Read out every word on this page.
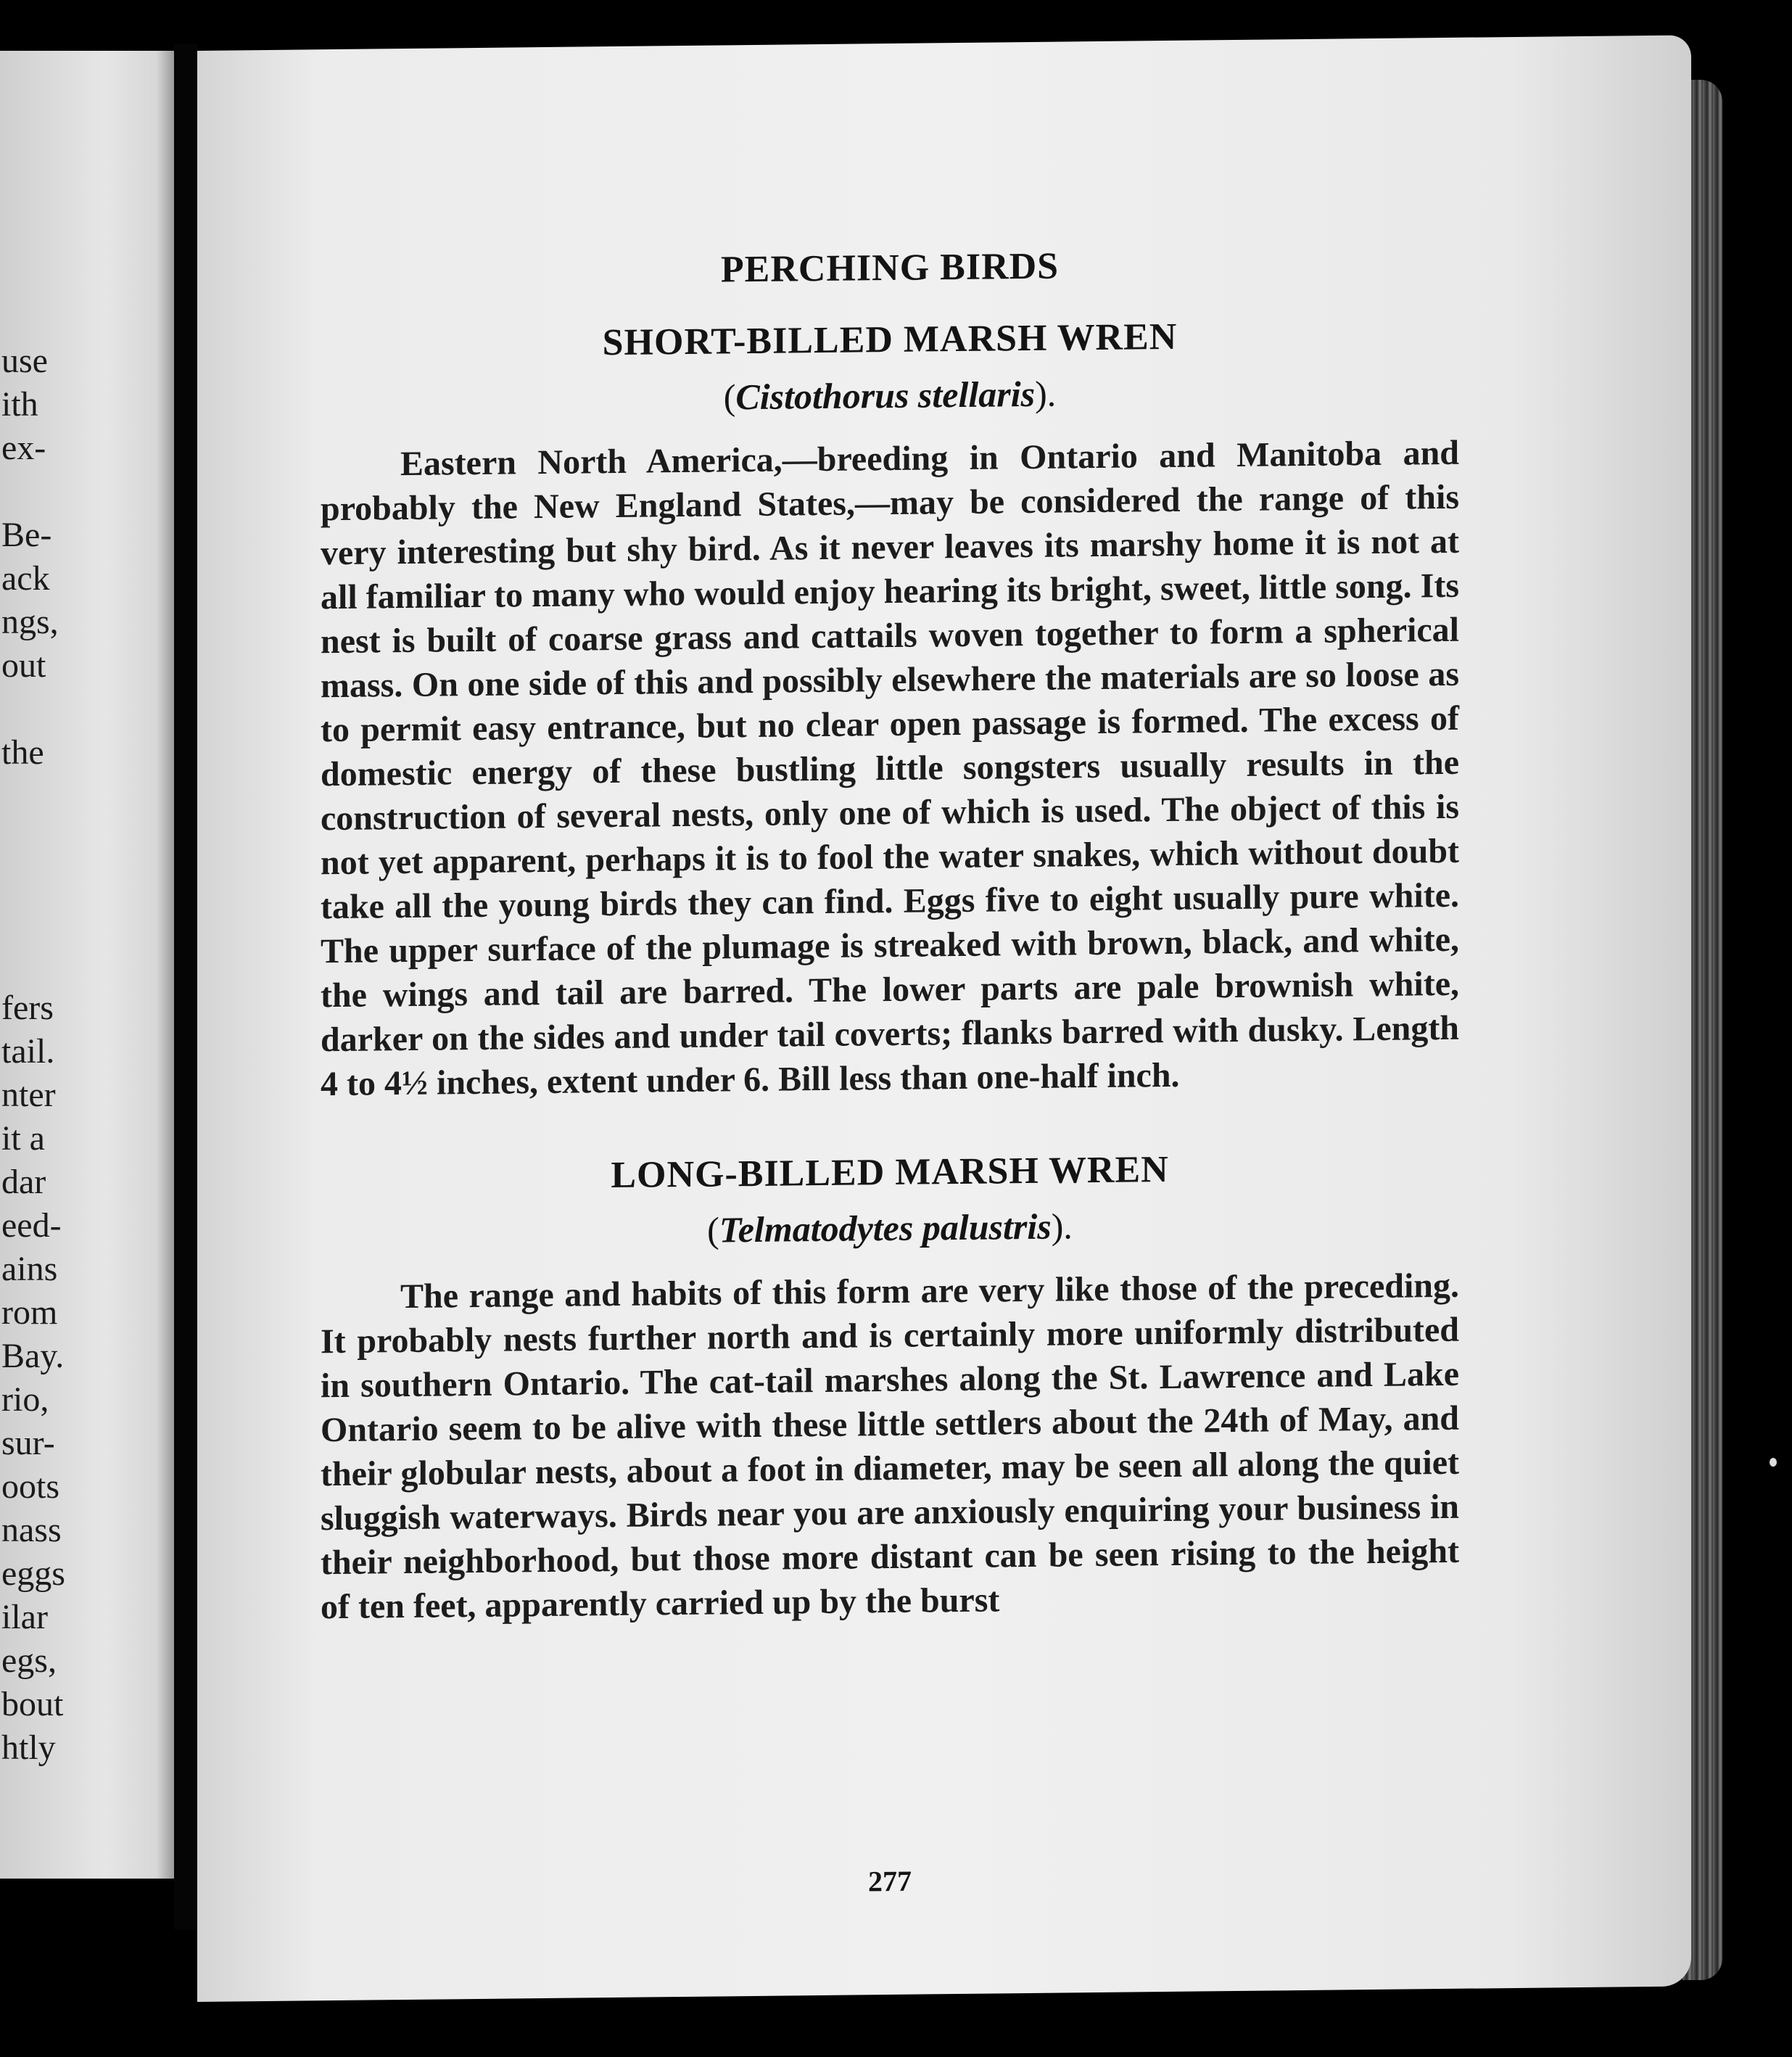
use
ith
ex-
Be-
ack
ngs,
out
the
fers
tail.
nter
it a
dar
eed-
ains
rom
Bay.
rio,
sur-
oots
nass
eggs
ilar
egs,
bout
htly
PERCHING BIRDS
SHORT-BILLED MARSH WREN
(Cistothorus stellaris).

Eastern North America,—breeding in Ontario and Manitoba and probably the New England States,—may be considered the range of this very interesting but shy bird. As it never leaves its marshy home it is not at all familiar to many who would enjoy hearing its bright, sweet, little song. Its nest is built of coarse grass and cattails woven together to form a spherical mass. On one side of this and possibly elsewhere the materials are so loose as to permit easy entrance, but no clear open passage is formed. The excess of domestic energy of these bustling little songsters usually results in the construction of several nests, only one of which is used. The object of this is not yet apparent, perhaps it is to fool the water snakes, which without doubt take all the young birds they can find. Eggs five to eight usually pure white. The upper surface of the plumage is streaked with brown, black, and white, the wings and tail are barred. The lower parts are pale brownish white, darker on the sides and under tail coverts; flanks barred with dusky. Length 4 to 4½ inches, extent under 6. Bill less than one-half inch.

LONG-BILLED MARSH WREN
(Telmatodytes palustris).

The range and habits of this form are very like those of the preceding. It probably nests further north and is certainly more uniformly distributed in southern Ontario. The cat-tail marshes along the St. Lawrence and Lake Ontario seem to be alive with these little settlers about the 24th of May, and their globular nests, about a foot in diameter, may be seen all along the quiet sluggish waterways. Birds near you are anxiously enquiring your business in their neighborhood, but those more distant can be seen rising to the height of ten feet, apparently carried up by the burst

277
